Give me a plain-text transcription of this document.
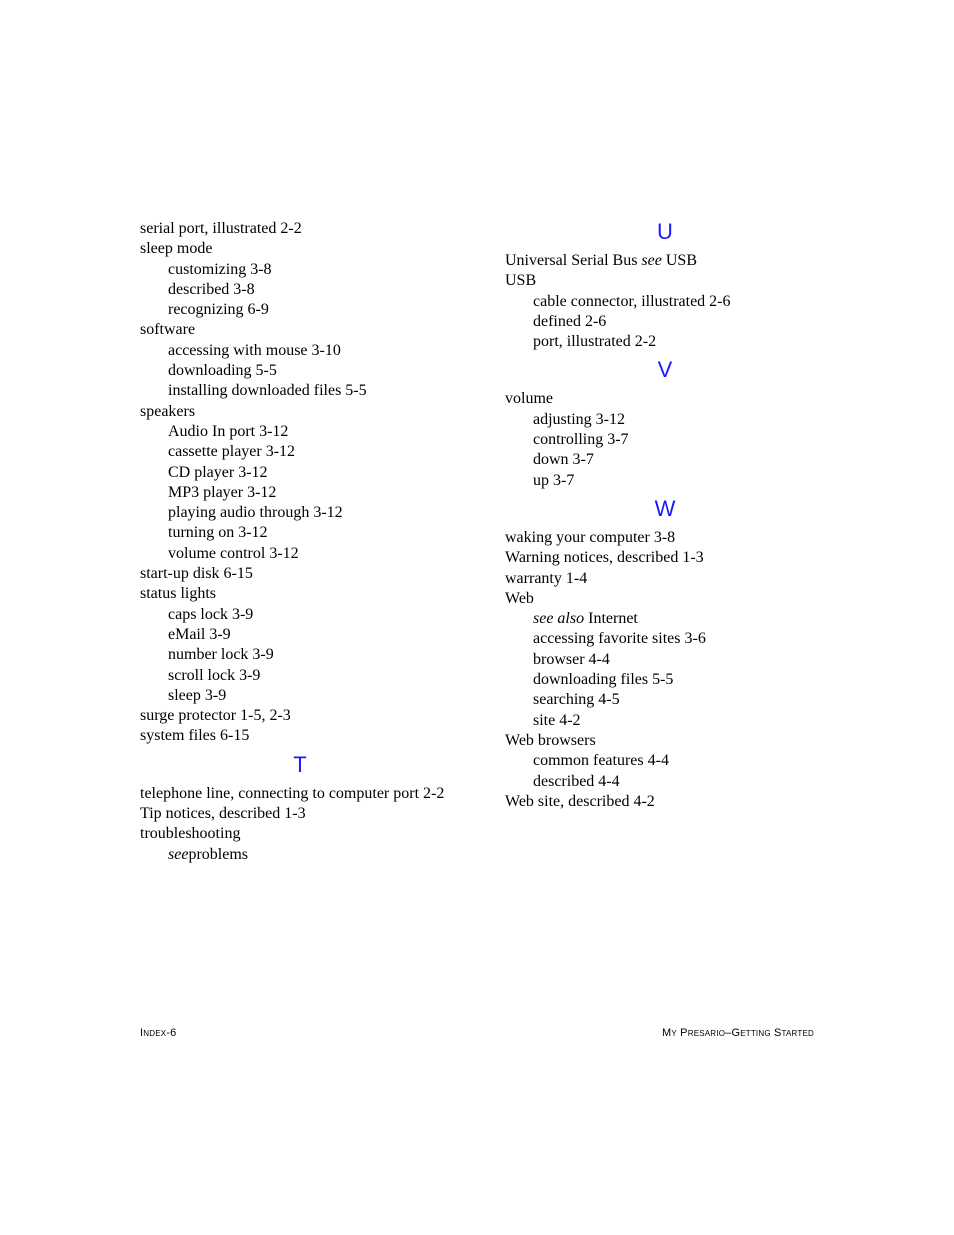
serial port, illustrated 2-2
sleep mode
customizing 3-8
described 3-8
recognizing 6-9
software
accessing with mouse 3-10
downloading 5-5
installing downloaded files 5-5
speakers
Audio In port 3-12
cassette player 3-12
CD player 3-12
MP3 player 3-12
playing audio through 3-12
turning on 3-12
volume control 3-12
start-up disk 6-15
status lights
caps lock 3-9
eMail 3-9
number lock 3-9
scroll lock 3-9
sleep 3-9
surge protector 1-5, 2-3
system files 6-15
T
telephone line, connecting to computer port 2-2
Tip notices, described 1-3
troubleshooting
seeproblems
U
Universal Serial Bus see USB
USB
cable connector, illustrated 2-6
defined 2-6
port, illustrated 2-2
V
volume
adjusting 3-12
controlling 3-7
down 3-7
up 3-7
W
waking your computer 3-8
Warning notices, described 1-3
warranty 1-4
Web
see also Internet
accessing favorite sites 3-6
browser 4-4
downloading files 5-5
searching 4-5
site 4-2
Web browsers
common features 4-4
described 4-4
Web site, described 4-2
Index-6	My Presario–Getting Started
